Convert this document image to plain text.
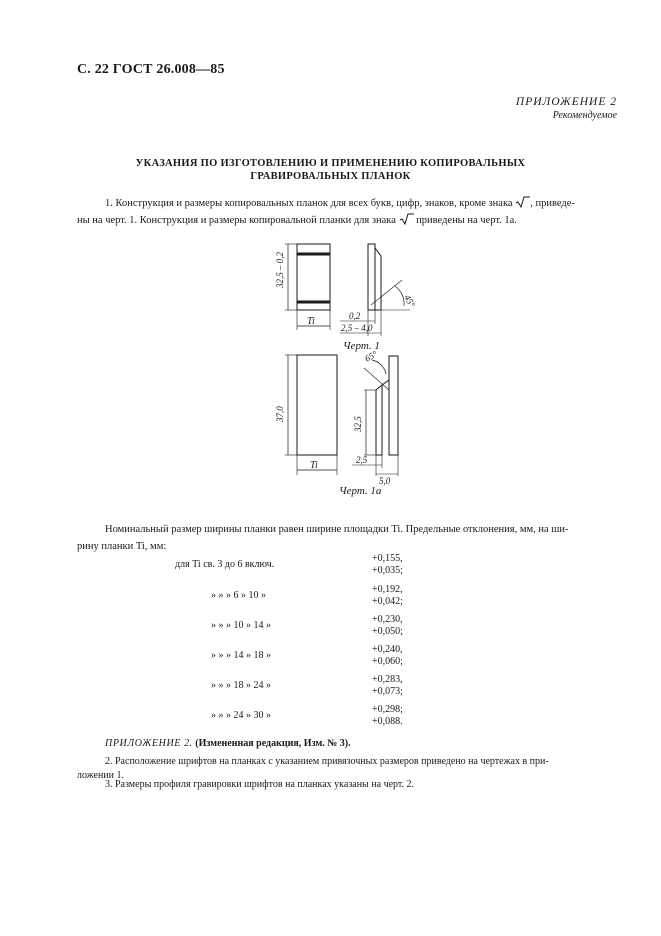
С. 22 ГОСТ 26.008—85
ПРИЛОЖЕНИЕ 2
Рекомендуемое
УКАЗАНИЯ ПО ИЗГОТОВЛЕНИЮ И ПРИМЕНЕНИЮ КОПИРОВАЛЬНЫХ
ГРАВИРОВАЛЬНЫХ ПЛАНОК
1. Конструкция и размеры копировальных планок для всех букв, цифр, знаков, кроме знака , приведе-
ны на черт. 1. Конструкция и размеры копировальной планки для знака приведены на черт. 1а.
32,5 – 0,2
Ti	0,2
2,5 – 4,0
45°
Черт. 1
37,0
Ti
32,5
2,5
5,0
65°
Черт. 1а
Номинальный размер ширины планки равен ширине площадки Ti. Предельные отклонения, мм, на ши-
рину планки Ti, мм:
для Ti св. 3 до 6 включ.
+0,155,
+0,035;
» » » 6 » 10 »
+0,192,
+0,042;
» » » 10 » 14 »
+0,230,
+0,050;
» » » 14 » 18 »
+0,240,
+0,060;
» » » 18 » 24 »
+0,283,
+0,073;
» » » 24 » 30 »
+0,298;
+0,088.
ПРИЛОЖЕНИЕ 2. (Измененная редакция, Изм. № 3).
2. Расположение шрифтов на планках с указанием привязочных размеров приведено на чертежах в при-
ложении 1.
3. Размеры профиля гравировки шрифтов на планках указаны на черт. 2.
